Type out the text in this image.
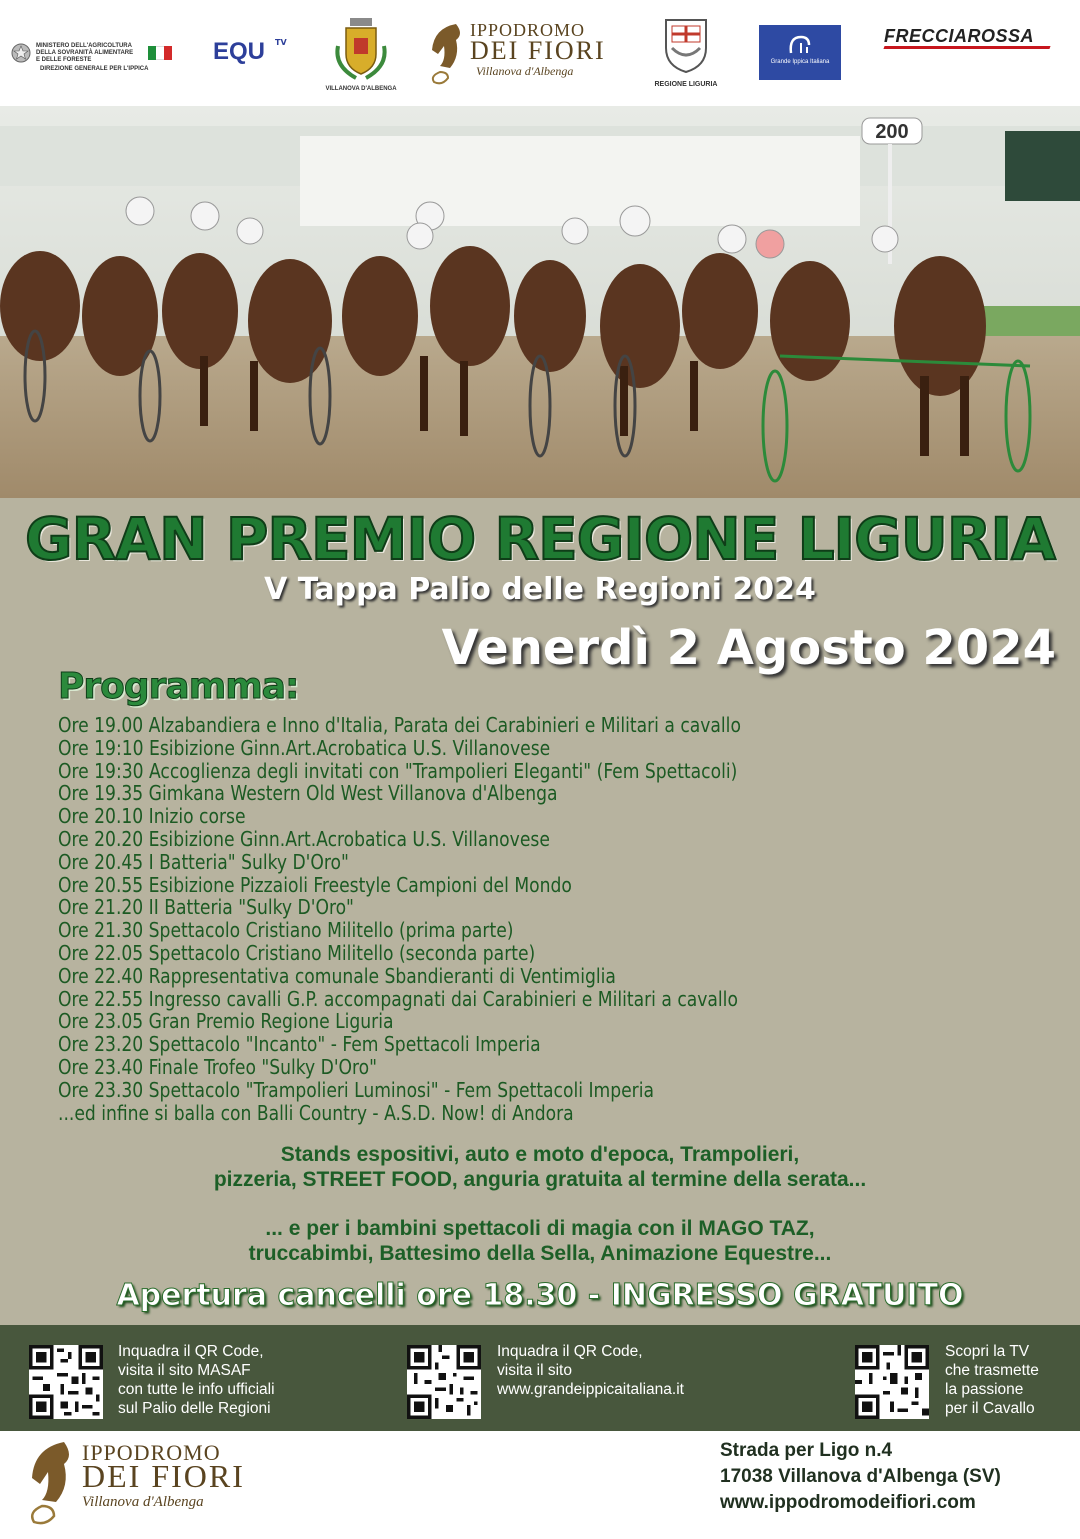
MINISTERO DELL'AGRICOLTURA
DELLA SOVRANITÀ ALIMENTARE
E DELLE FORESTE
DIREZIONE GENERALE PER L'IPPICA
EQU TV
VILLANOVA D'ALBENGA
IPPODROMO
DEI FIORI
Villanova d'Albenga
REGIONE LIGURIA
Grande Ippica Italiana
FRECCIAROSSA
200
GRAN PREMIO REGIONE LIGURIA
V Tappa Palio delle Regioni 2024
Venerdì 2 Agosto 2024
Programma:
Ore 19.00 Alzabandiera e Inno d'Italia, Parata dei Carabinieri e Militari a cavallo
Ore 19:10 Esibizione Ginn.Art.Acrobatica U.S. Villanovese
Ore 19:30 Accoglienza degli invitati con "Trampolieri Eleganti" (Fem Spettacoli)
Ore 19.35 Gimkana Western Old West Villanova d'Albenga
Ore 20.10 Inizio corse
Ore 20.20 Esibizione Ginn.Art.Acrobatica U.S. Villanovese
Ore 20.45 I Batteria" Sulky D'Oro"
Ore 20.55 Esibizione Pizzaioli Freestyle Campioni del Mondo
Ore 21.20 II Batteria "Sulky D'Oro"
Ore 21.30 Spettacolo Cristiano Militello (prima parte)
Ore 22.05 Spettacolo Cristiano Militello (seconda parte)
Ore 22.40 Rappresentativa comunale Sbandieranti di Ventimiglia
Ore 22.55 Ingresso cavalli G.P. accompagnati dai Carabinieri e Militari a cavallo
Ore 23.05 Gran Premio Regione Liguria
Ore 23.20 Spettacolo "Incanto" - Fem Spettacoli Imperia
Ore 23.40 Finale Trofeo "Sulky D'Oro"
Ore 23.30 Spettacolo "Trampolieri Luminosi" - Fem Spettacoli Imperia
...ed infine si balla con Balli Country - A.S.D. Now! di Andora
Stands espositivi, auto e moto d'epoca, Trampolieri,
pizzeria, STREET FOOD, anguria gratuita al termine della serata...
... e per i bambini spettacoli di magia con il MAGO TAZ,
truccabimbi, Battesimo della Sella, Animazione Equestre...
Apertura cancelli ore 18.30 - INGRESSO GRATUITO
Inquadra il QR Code,
visita il sito MASAF
con tutte le info ufficiali
sul Palio delle Regioni
Inquadra il QR Code,
visita il sito
www.grandeippicaitaliana.it
Scopri la TV
che trasmette
la passione
per il Cavallo
IPPODROMO
DEI FIORI
Villanova d'Albenga
Strada per Ligo n.4
17038 Villanova d'Albenga (SV)
www.ippodromodeifiori.com
